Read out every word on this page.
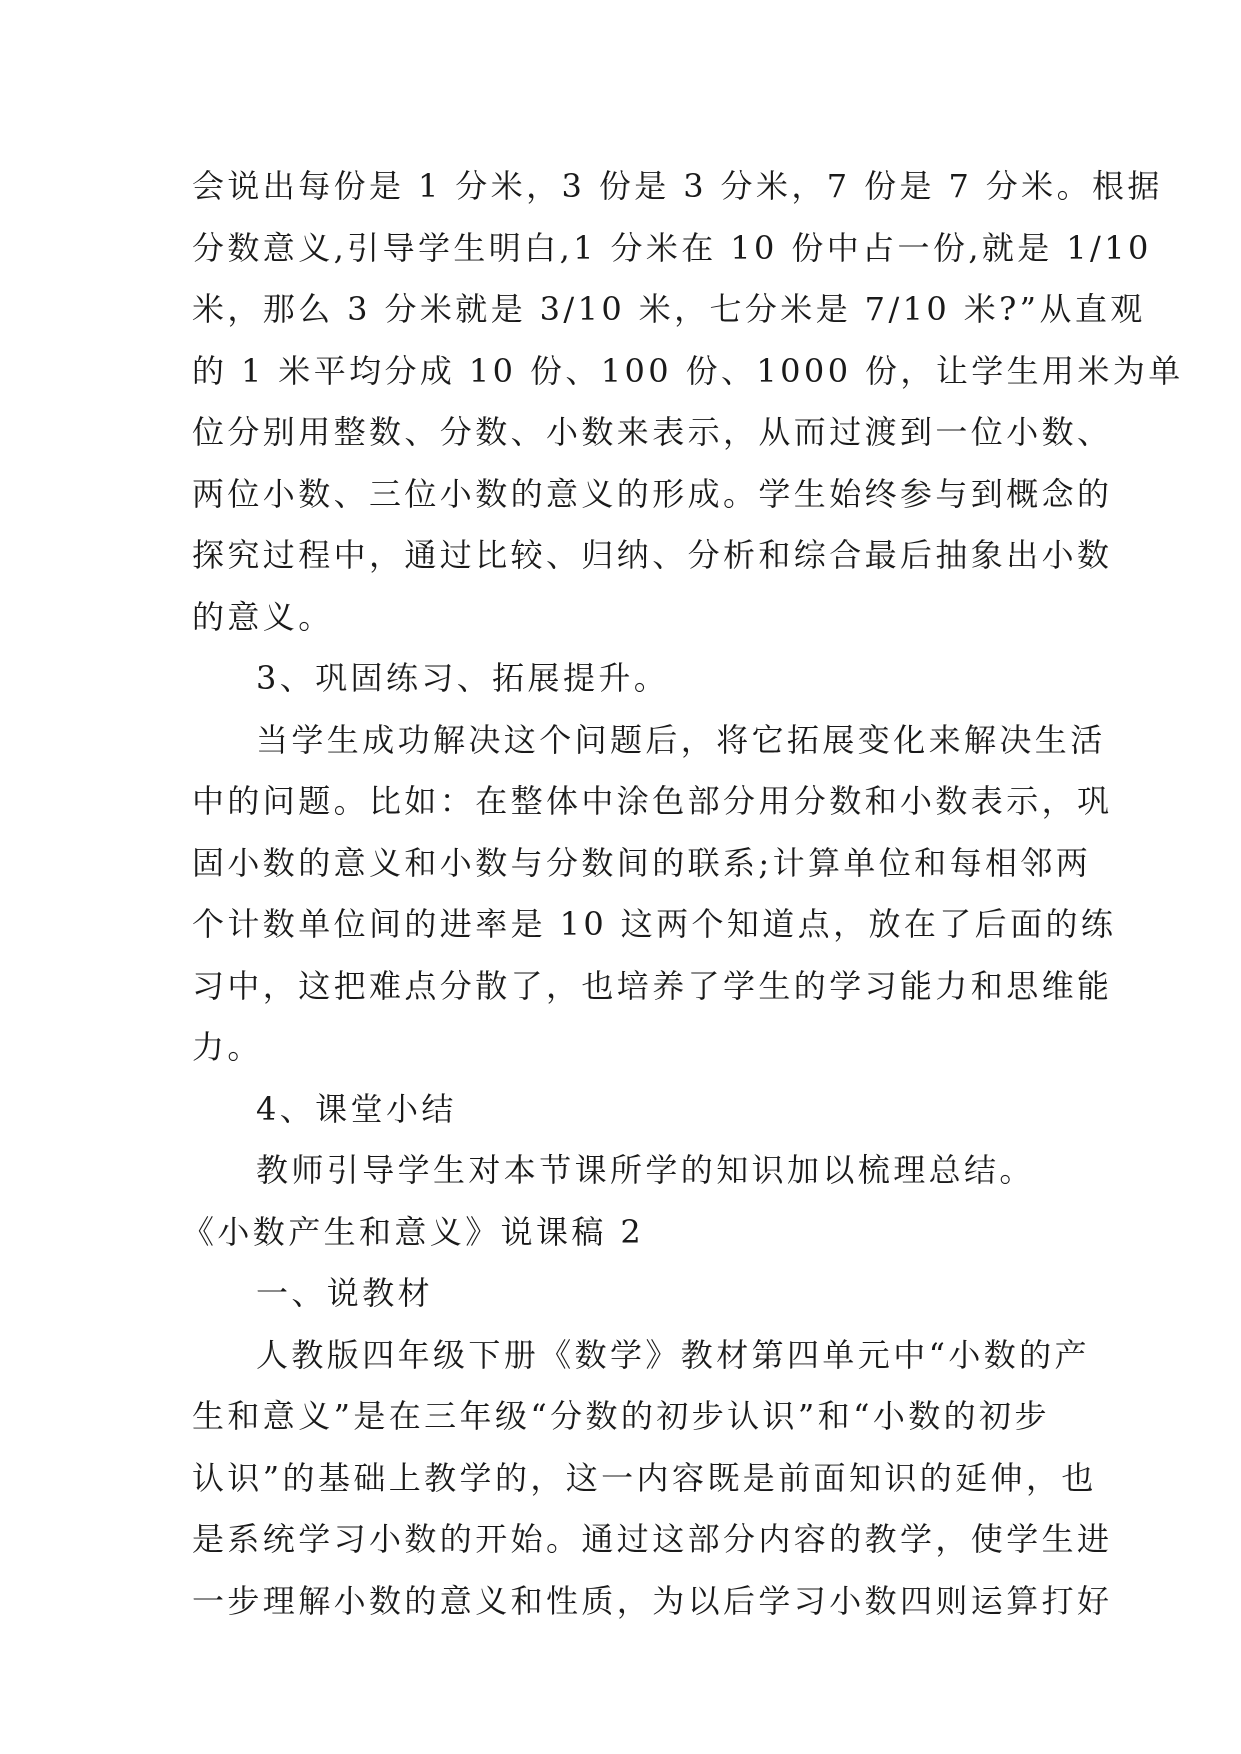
会说出每份是 1 分米，3 份是 3 分米，7 份是 7 分米。根据
分数意义,引导学生明白,1 分米在 10 份中占一份,就是 1/10
米，那么 3 分米就是 3/10 米，七分米是 7/10 米?”从直观
的 1 米平均分成 10 份、100 份、1000 份，让学生用米为单
位分别用整数、分数、小数来表示，从而过渡到一位小数、
两位小数、三位小数的意义的形成。学生始终参与到概念的
探究过程中，通过比较、归纳、分析和综合最后抽象出小数
的意义。
3、巩固练习、拓展提升。
当学生成功解决这个问题后，将它拓展变化来解决生活
中的问题。比如：在整体中涂色部分用分数和小数表示，巩
固小数的意义和小数与分数间的联系;计算单位和每相邻两
个计数单位间的进率是 10 这两个知道点，放在了后面的练
习中，这把难点分散了，也培养了学生的学习能力和思维能
力。
4、课堂小结
教师引导学生对本节课所学的知识加以梳理总结。
《小数产生和意义》说课稿 2
一、说教材
人教版四年级下册《数学》教材第四单元中“小数的产
生和意义”是在三年级“分数的初步认识”和“小数的初步
认识”的基础上教学的，这一内容既是前面知识的延伸，也
是系统学习小数的开始。通过这部分内容的教学，使学生进
一步理解小数的意义和性质，为以后学习小数四则运算打好
